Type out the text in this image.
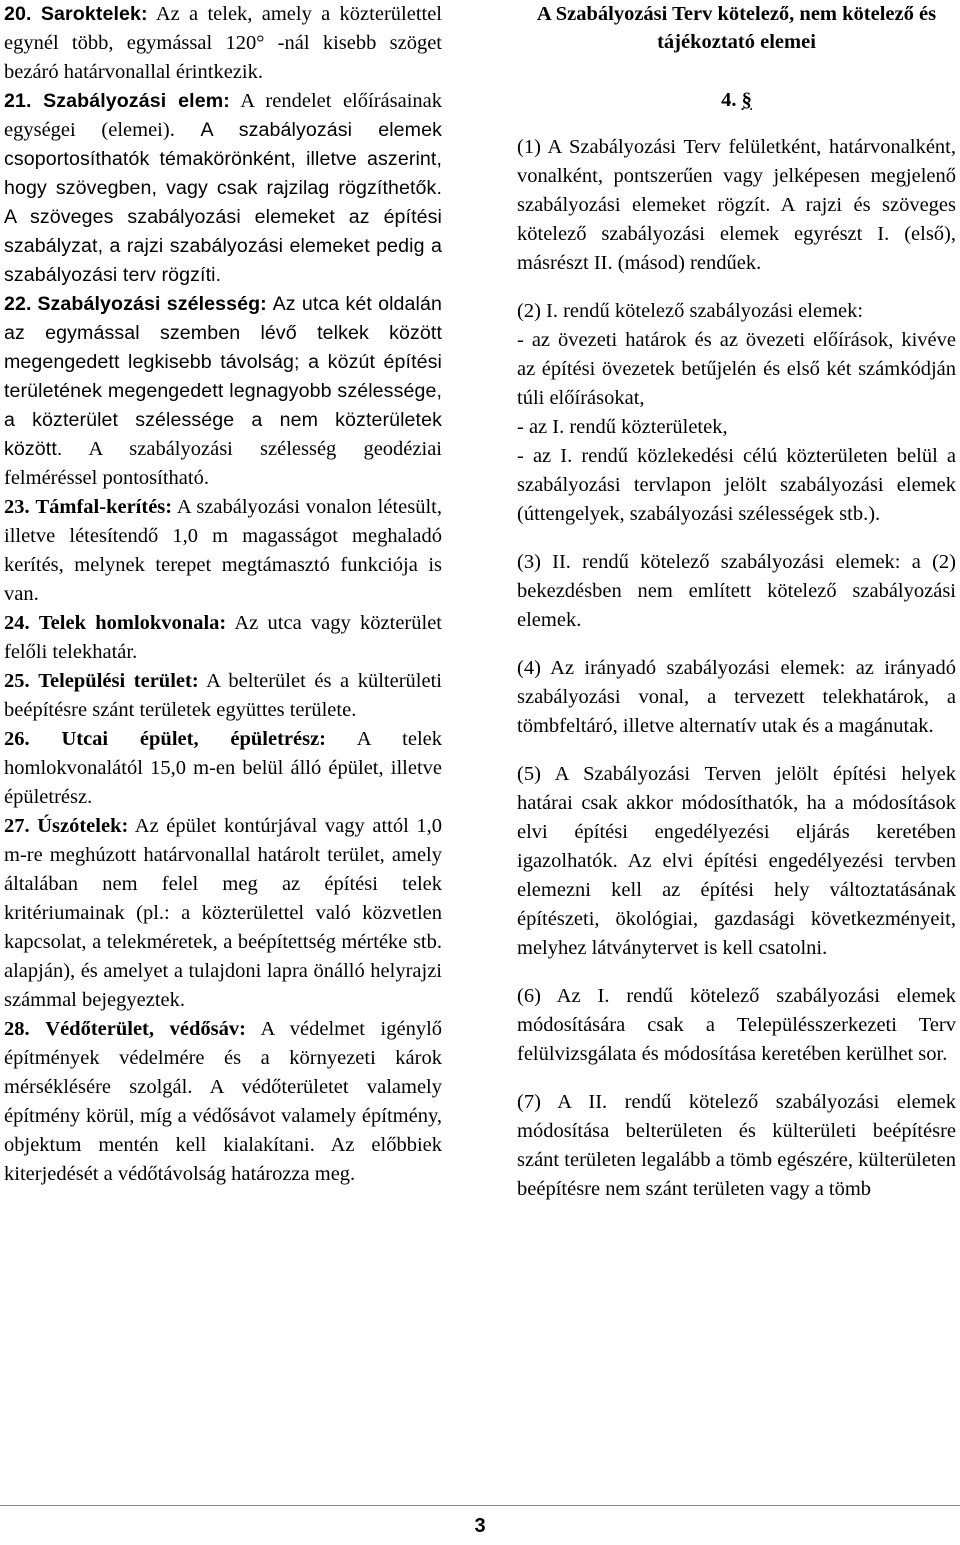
20. Saroktelek: Az a telek, amely a közterülettel egynél több, egymással 120° -nál kisebb szöget bezáró határvonallal érintkezik.

21. Szabályozási elem: A rendelet előírásainak egységei (elemei). A szabályozási elemek csoportosíthatók témakörönként, illetve aszerint, hogy szövegben, vagy csak rajzilag rögzíthetők. A szöveges szabályozási elemeket az építési szabályzat, a rajzi szabályozási elemeket pedig a szabályozási terv rögzíti.

22. Szabályozási szélesség: Az utca két oldalán az egymással szemben lévő telkek között megengedett legkisebb távolság; a közút építési területének megengedett legnagyobb szélessége, a közterület szélessége a nem közterületek között. A szabályozási szélesség geodéziai felméréssel pontosítható.

23. Támfal-kerítés: A szabályozási vonalon létesült, illetve létesítendő 1,0 m magasságot meghaladó kerítés, melynek terepet megtámasztó funkciója is van.

24. Telek homlokvonala: Az utca vagy közterület felőli telekhatár.

25. Települési terület: A belterület és a külterületi beépítésre szánt területek együttes területe.

26. Utcai épület, épületrész: A telek homlokvonalától 15,0 m-en belül álló épület, illetve épületrész.

27. Úszótelek: Az épület kontúrjával vagy attól 1,0 m-re meghúzott határvonallal határolt terület, amely általában nem felel meg az építési telek kritériumainak (pl.: a közterülettel való közvetlen kapcsolat, a telekméretek, a beépítettség mértéke stb. alapján), és amelyet a tulajdoni lapra önálló helyrajzi számmal bejegyeztek.

28. Védőterület, védősáv: A védelmet igénylő építmények védelmére és a környezeti károk mérséklésére szolgál. A védőterületet valamely építmény körül, míg a védősávot valamely építmény, objektum mentén kell kialakítani. Az előbbiek kiterjedését a védőtávolság határozza meg.

A Szabályozási Terv kötelező, nem kötelező és tájékoztató elemei

4. §

(1) A Szabályozási Terv felületként, határvonalként, vonalként, pontszerűen vagy jelképesen megjelenő szabályozási elemeket rögzít. A rajzi és szöveges kötelező szabályozási elemek egyrészt I. (első), másrészt II. (másod) rendűek.

(2) I. rendű kötelező szabályozási elemek:

- az övezeti határok és az övezeti előírások, kivéve az építési övezetek betűjelén és első két számkódján túli előírásokat,

- az I. rendű közterületek,

- az I. rendű közlekedési célú közterületen belül a szabályozási tervlapon jelölt szabályozási elemek (úttengelyek, szabályozási szélességek stb.).

(3) II. rendű kötelező szabályozási elemek: a (2) bekezdésben nem említett kötelező szabályozási elemek.

(4) Az irányadó szabályozási elemek: az irányadó szabályozási vonal, a tervezett telekhatárok, a tömbfeltáró, illetve alternatív utak és a magánutak.

(5) A Szabályozási Terven jelölt építési helyek határai csak akkor módosíthatók, ha a módosítások elvi építési engedélyezési eljárás keretében igazolhatók. Az elvi építési engedélyezési tervben elemezni kell az építési hely változtatásának építészeti, ökológiai, gazdasági következményeit, melyhez látványtervet is kell csatolni.

(6) Az I. rendű kötelező szabályozási elemek módosítására csak a Településszerkezeti Terv felülvizsgálata és módosítása keretében kerülhet sor.

(7) A II. rendű kötelező szabályozási elemek módosítása belterületen és külterületi beépítésre szánt területen legalább a tömb egészére, külterületen beépítésre nem szánt területen vagy a tömb

3
